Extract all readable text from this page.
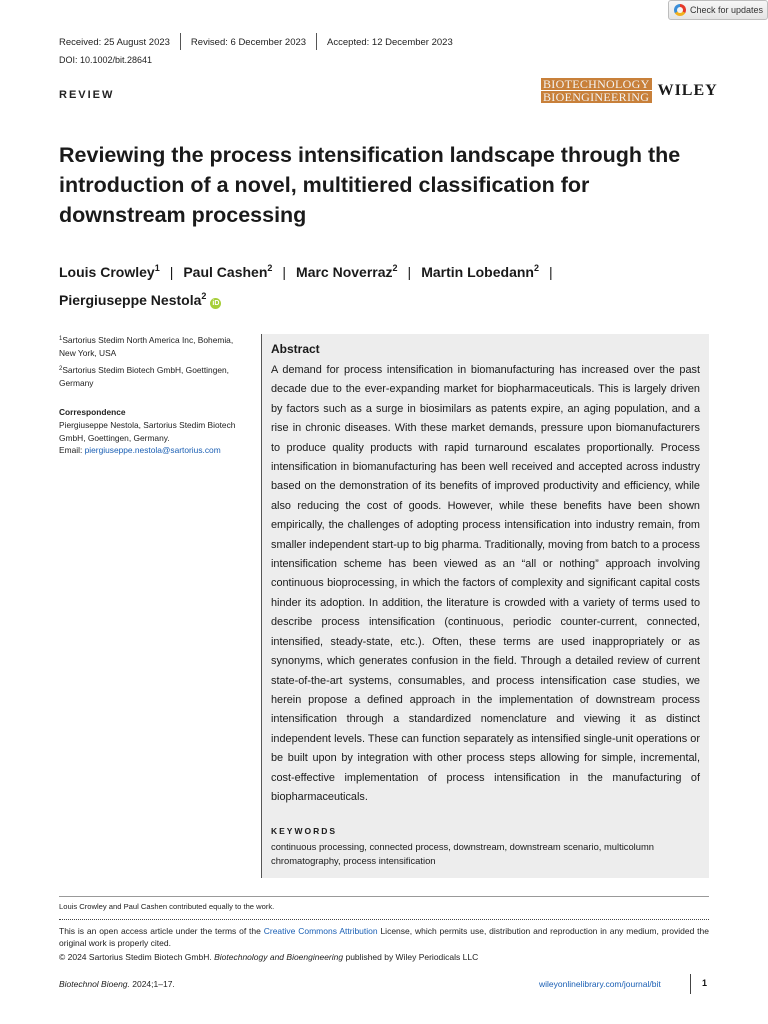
Check for updates
Received: 25 August 2023	Revised: 6 December 2023	Accepted: 12 December 2023
DOI: 10.1002/bit.28641
REVIEW
BIOTECHNOLOGY
BIOENGINEERING WILEY
Reviewing the process intensification landscape through the introduction of a novel, multitiered classification for downstream processing
Louis Crowley$^1$ | Paul Cashen$^2$ | Marc Noverraz$^2$ | Martin Lobedann$^2$ |
Piergiuseppe Nestola$^2$iD
$^1$Sartorius Stedim North America Inc, Bohemia, New York, USA
$^2$Sartorius Stedim Biotech GmbH, Goettingen, Germany
Correspondence
Piergiuseppe Nestola, Sartorius Stedim Biotech GmbH, Goettingen, Germany.
Email: piergiuseppe.nestola@sartorius.com
Abstract

A demand for process intensification in biomanufacturing has increased over the past decade due to the ever-expanding market for biopharmaceuticals. This is largely driven by factors such as a surge in biosimilars as patents expire, an aging population, and a rise in chronic diseases. With these market demands, pressure upon biomanufacturers to produce quality products with rapid turnaround escalates proportionally. Process intensification in biomanufacturing has been well received and accepted across industry based on the demonstration of its benefits of improved productivity and efficiency, while also reducing the cost of goods. However, while these benefits have been shown empirically, the challenges of adopting process intensification into industry remain, from smaller independent start-up to big pharma. Traditionally, moving from batch to a process intensification scheme has been viewed as an “all or nothing” approach involving continuous bioprocessing, in which the factors of complexity and significant capital costs hinder its adoption. In addition, the literature is crowded with a variety of terms used to describe process intensification (continuous, periodic counter-current, connected, intensified, steady-state, etc.). Often, these terms are used inappropriately or as synonyms, which generates confusion in the field. Through a detailed review of current state-of-the-art systems, consumables, and process intensification case studies, we herein propose a defined approach in the implementation of downstream process intensification through a standardized nomenclature and viewing it as distinct independent levels. These can function separately as intensified single-unit operations or be built upon by integration with other process steps allowing for simple, incremental, cost-effective implementation of process intensification in the manufacturing of biopharmaceuticals.

KEYWORDS

continuous processing, connected process, downstream, downstream scenario, multicolumn chromatography, process intensification

Louis Crowley and Paul Cashen contributed equally to the work.

This is an open access article under the terms of the Creative Commons Attribution License, which permits use, distribution and reproduction in any medium, provided the original work is properly cited.

© 2024 Sartorius Stedim Biotech GmbH. Biotechnology and Bioengineering published by Wiley Periodicals LLC

Biotechnol Bioeng. 2024;1–17.	wileyonlinelibrary.com/journal/bit	1
